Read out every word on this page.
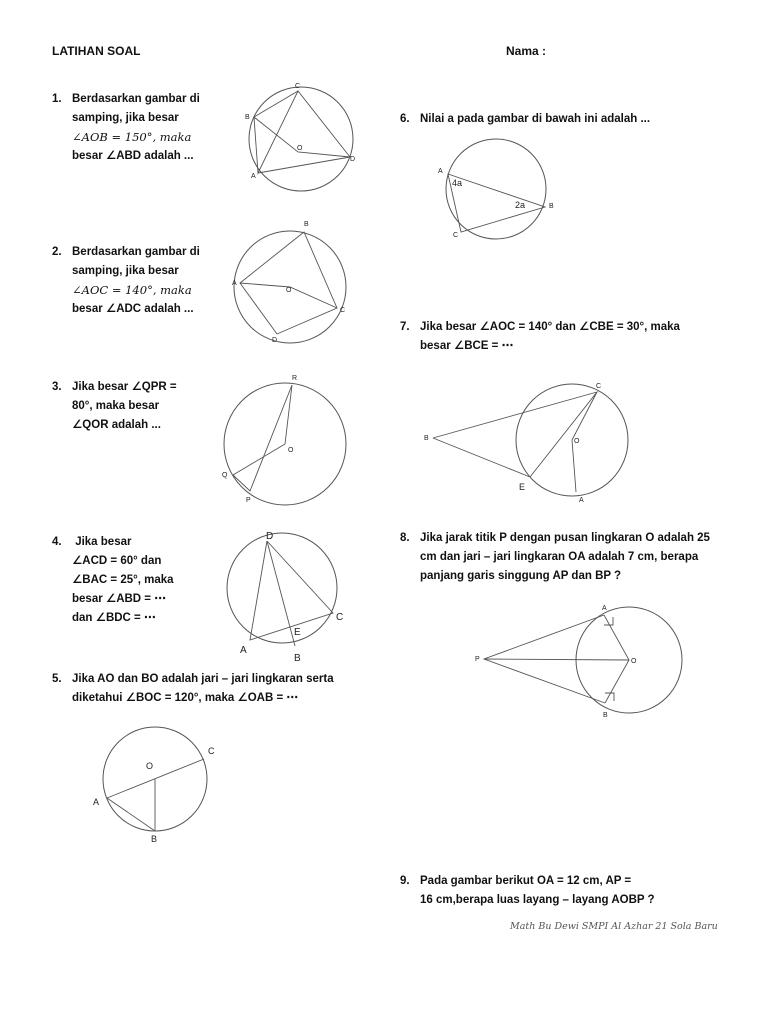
LATIHAN SOAL	Nama :
1. Berdasarkan gambar di
samping, jika besar
∠AOB = 150°, maka
besar ∠ABD adalah ...
2. Berdasarkan gambar di
samping, jika besar
∠AOC = 140°, maka
besar ∠ADC adalah ...
3. Jika besar ∠QPR =
80°, maka besar
∠QOR adalah ...
4. Jika besar
∠ACD = 60° dan
∠BAC = 25°, maka
besar ∠ABD = ⋯
dan ∠BDC = ⋯
5. Jika AO dan BO adalah jari – jari lingkaran serta
diketahui ∠BOC = 120°, maka ∠OAB = ⋯
6. Nilai a pada gambar di bawah ini adalah ...
7. Jika besar ∠AOC = 140° dan ∠CBE = 30°, maka
besar ∠BCE = ⋯
8. Jika jarak titik P dengan pusan lingkaran O adalah 25
cm dan jari – jari lingkaran OA adalah 7 cm, berapa
panjang garis singgung AP dan BP ?
9. Pada gambar berikut OA = 12 cm, AP =
16 cm,berapa luas layang – layang AOBP ?
C
B
O
D
A
B
A
O
C
D
R
O
Q
P
D
C
E
A
B
O
C
A
B
A
4a
2a	B
C
C
B	O
E
A
A
P	O
B
Math Bu Dewi SMPI Al Azhar 21 Sola Baru
